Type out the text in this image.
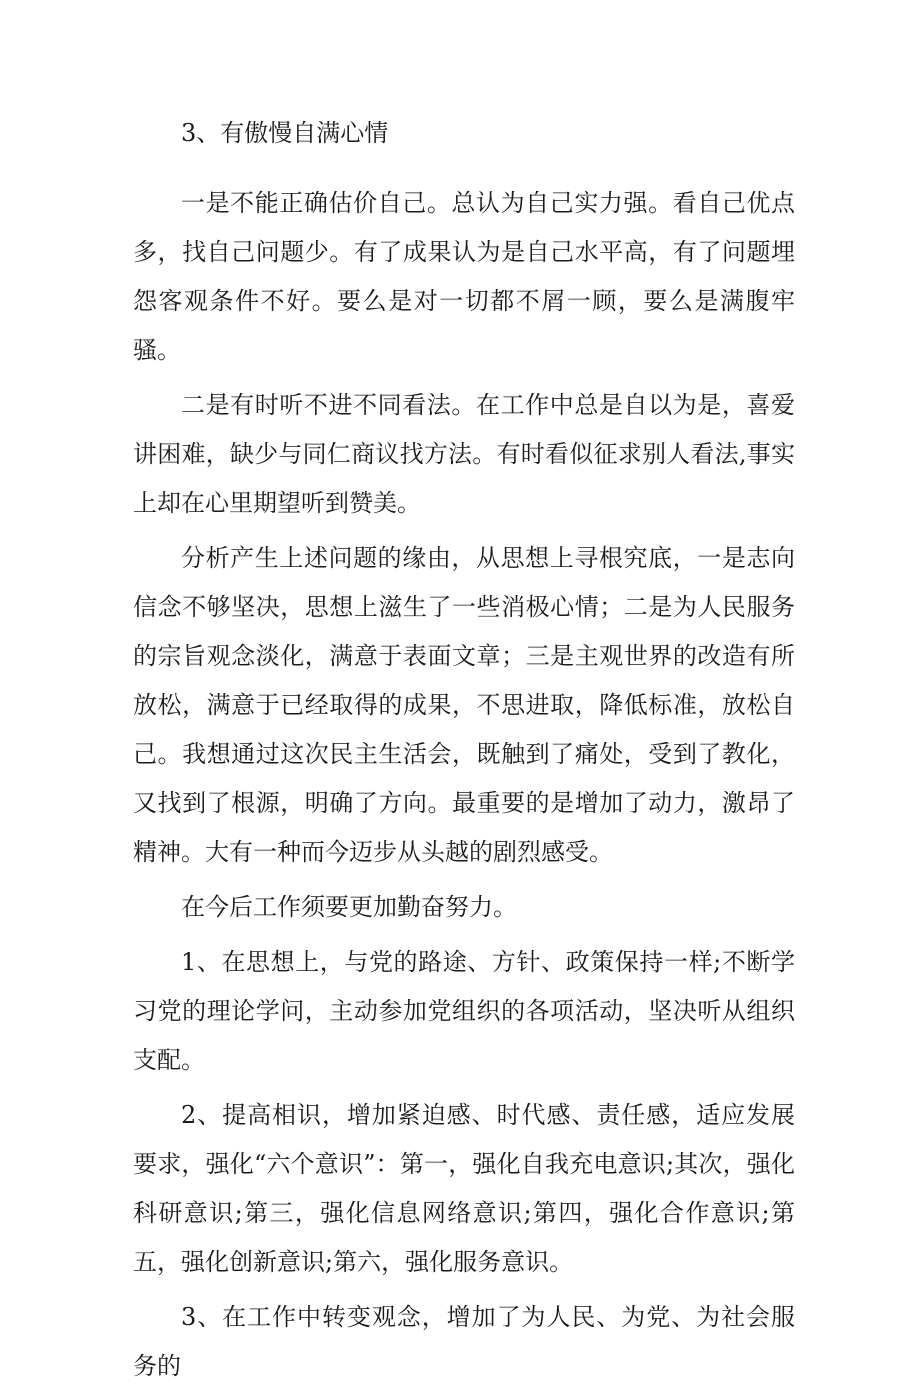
3、有傲慢自满心情

一是不能正确估价自己。总认为自己实力强。看自己优点多，找自己问题少。有了成果认为是自己水平高，有了问题埋怨客观条件不好。要么是对一切都不屑一顾，要么是满腹牢骚。

二是有时听不进不同看法。在工作中总是自以为是，喜爱讲困难，缺少与同仁商议找方法。有时看似征求别人看法,事实上却在心里期望听到赞美。

分析产生上述问题的缘由，从思想上寻根究底，一是志向信念不够坚决，思想上滋生了一些消极心情；二是为人民服务的宗旨观念淡化，满意于表面文章；三是主观世界的改造有所放松，满意于已经取得的成果，不思进取，降低标准，放松自己。我想通过这次民主生活会，既触到了痛处，受到了教化，又找到了根源，明确了方向。最重要的是增加了动力，激昂了精神。大有一种而今迈步从头越的剧烈感受。

在今后工作须要更加勤奋努力。

1、在思想上，与党的路途、方针、政策保持一样;不断学习党的理论学问，主动参加党组织的各项活动，坚决听从组织支配。

2、提高相识，增加紧迫感、时代感、责任感，适应发展要求，强化“六个意识”：第一，强化自我充电意识;其次，强化科研意识;第三，强化信息网络意识;第四，强化合作意识;第五，强化创新意识;第六，强化服务意识。

3、在工作中转变观念，增加了为人民、为党、为社会服务的
